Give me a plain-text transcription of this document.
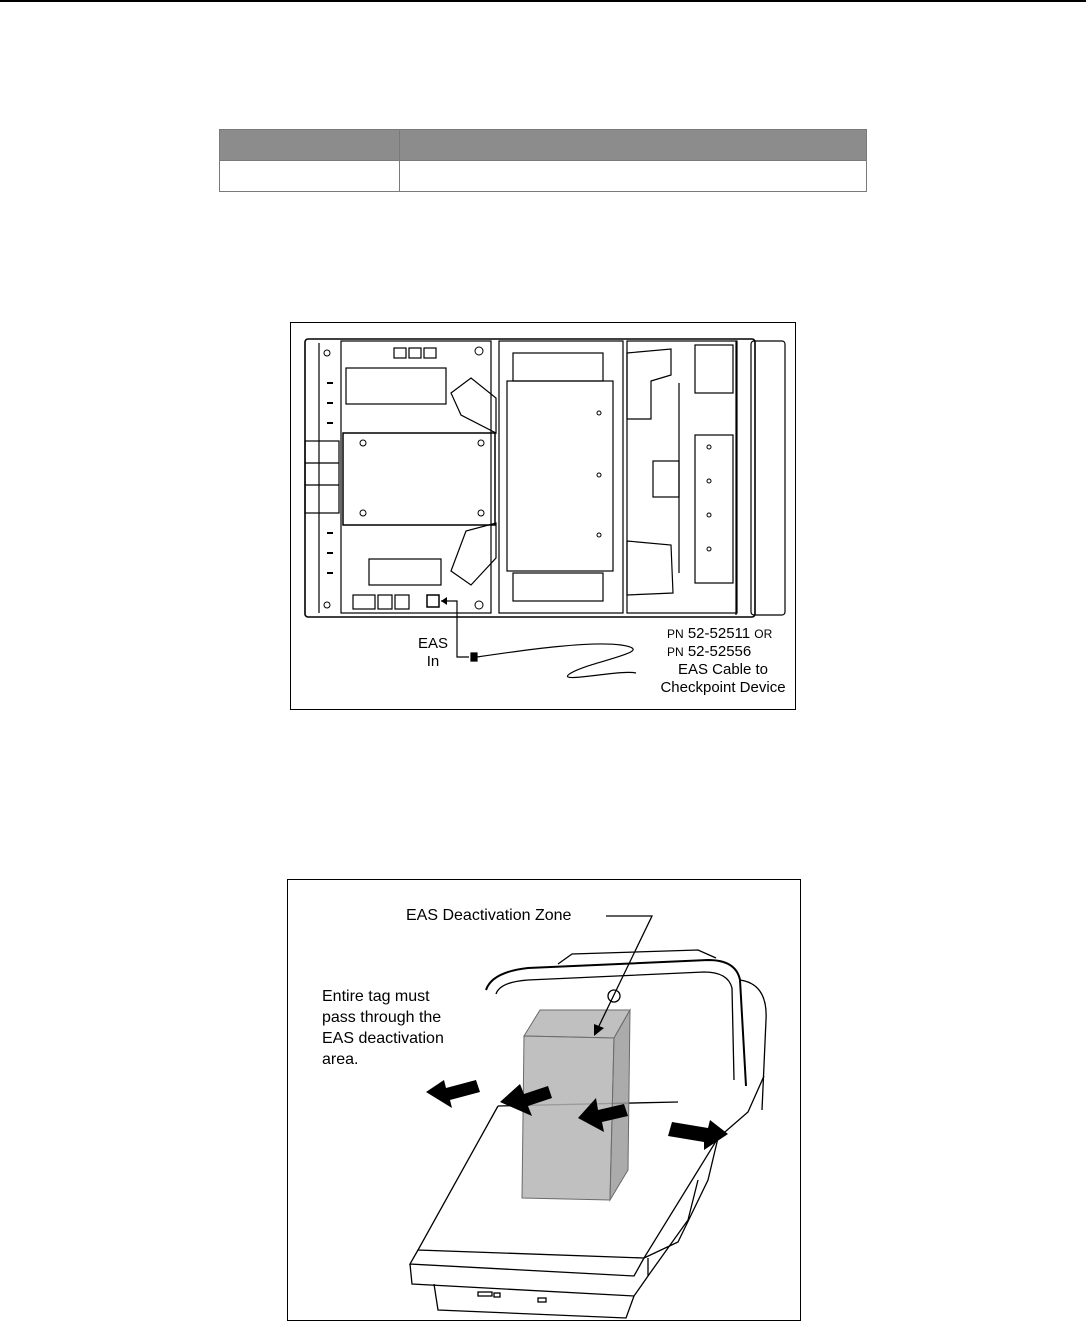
EAS
In
PN 52-52511 OR
PN 52-52556
EAS Cable to
Checkpoint Device
EAS Deactivation Zone
Entire tag must
pass through the
EAS deactivation
area.
